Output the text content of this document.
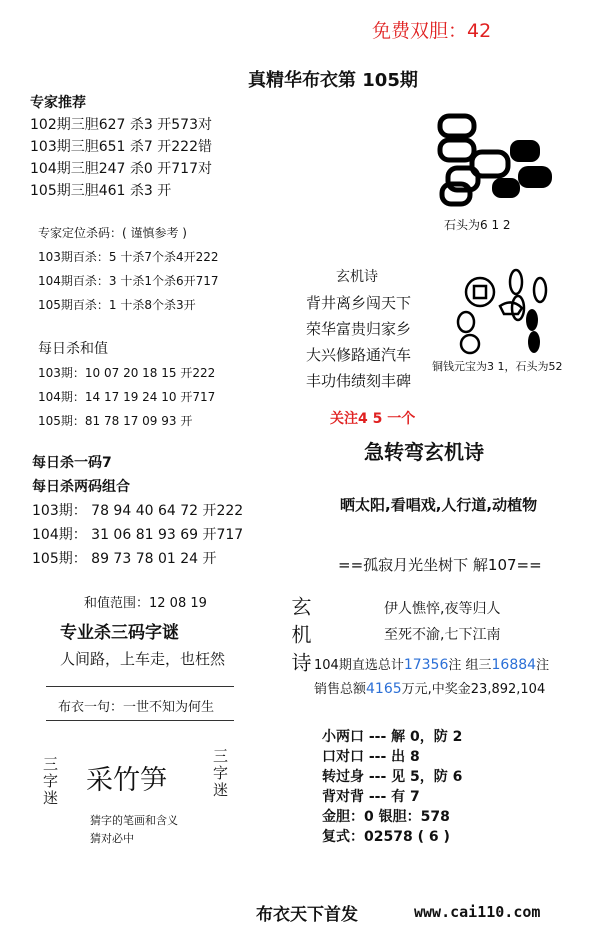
免费双胆：42
真精华布衣第 105期
专家推荐
102期三胆627 杀3 开573对
103期三胆651 杀7 开222错
104期三胆247 杀0 开717对
105期三胆461 杀3 开
专家定位杀码：( 谨慎参考 )
103期百杀：5 十杀7个杀4开222
104期百杀：3 十杀1个杀6开717
105期百杀：1 十杀8个杀3开
每日杀和值
103期：10 07 20 18 15 开222
104期：14 17 19 24 10 开717
105期：81 78 17 09 93 开
每日杀一码7
每日杀两码组合
103期： 78 94 40 64 72 开222
104期： 31 06 81 93 69 开717
105期： 89 73 78 01 24 开
和值范围：12 08 19
专业杀三码字谜
人间路，上车走，也枉然
布衣一句：一世不知为何生
三字迷 采竹笋	三字迷
猜字的笔画和含义
猜对必中
石头为6 1 2
玄机诗
背井离乡闯天下
荣华富贵归家乡
大兴修路通汽车
丰功伟绩刻丰碑
铜钱元宝为3 1，石头为52
关注4 5 一个
急转弯玄机诗
晒太阳,看唱戏,人行道,动植物
==孤寂月光坐树下 解107==
玄机诗	伊人憔悴,夜等归人
至死不渝,七下江南
104期直选总计17356注 组三16884注
销售总额4165万元,中奖金23,892,104
小两口 --- 解 0，防 2
口对口 --- 出 8
转过身 --- 见 5，防 6
背对背 --- 有 7
金胆：0 银胆：578
复式：02578 ( 6 )
布衣天下首发	www.cai110.com
